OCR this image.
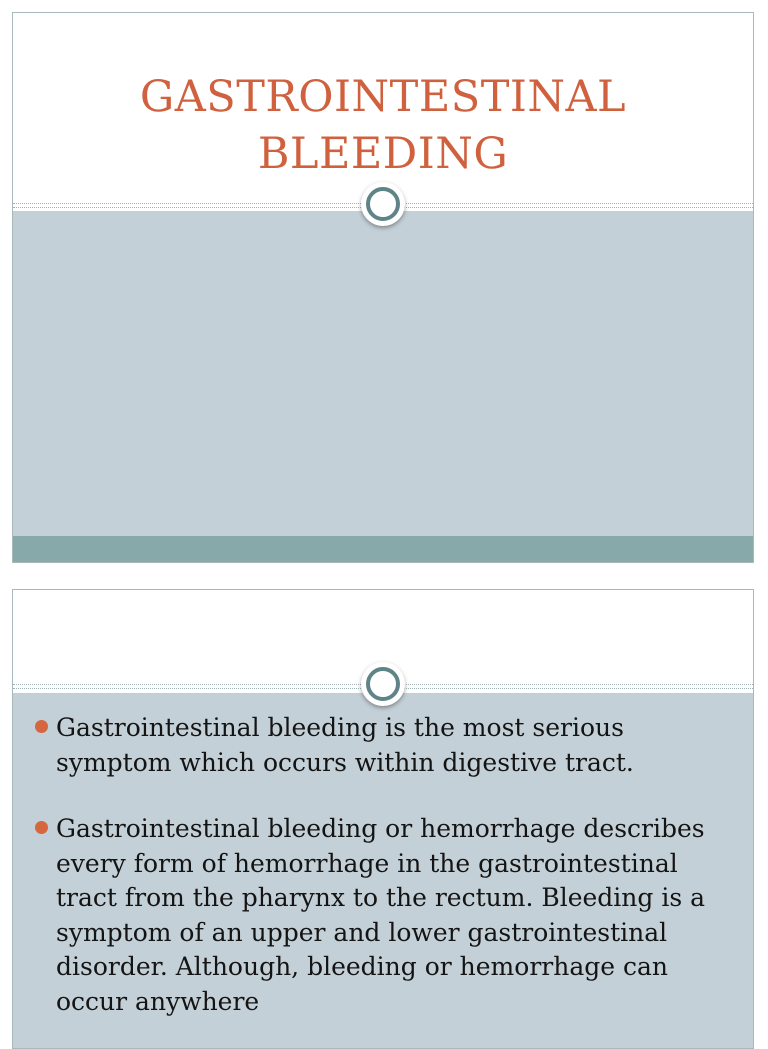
GASTROINTESTINAL
BLEEDING
Gastrointestinal bleeding is the most serious symptom which occurs within digestive tract.
Gastrointestinal bleeding or hemorrhage describes every form of hemorrhage in the gastrointestinal tract from the pharynx to the rectum. Bleeding is a symptom of an upper and lower gastrointestinal disorder. Although, bleeding or hemorrhage can occur anywhere
